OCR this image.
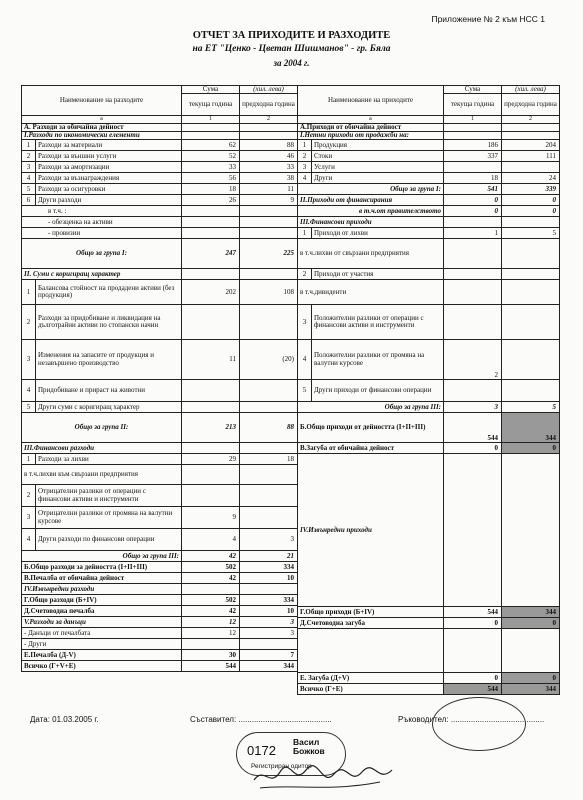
Приложение № 2 към НСС 1
ОТЧЕТ ЗА ПРИХОДИТЕ И РАЗХОДИТЕ
на ЕТ "Ценко - Цветан Шишманов" - гр. Бяла
за 2004 г.
Наименование на разходите		Сума	(хил. лева)
		текуща година	предходна година

а		1	2
А. Разходи за обичайна дейност			
I.Разходи по икономически елементи			
1	Разходи за материали	62	88
2	Разходи за външни услуги	52	46
3	Разходи за амортизации	33	33
4	Разходи за възнаграждения	56	38
5	Разходи за осигуровки	18	11
6	Други разходи	26	9
в т.ч. :			
- обезценка на активи			
- провизии			
Общо за група I:		247	225
II. Суми с коригиращ характер			
1	Балансова стойност на продадени активи (без продукция)	202	108
2	Разходи за придобиване и ликвидация на дълготрайни активи по стопански начин		
3	Изменения на запасите от продукция и незавършено производство	11	(20)
4	Придобиване и прираст на животни		
5	Други суми с коригиращ характер		
Общо за група II:		213	88
III.Финансови разходи			
1	Разходи за лихви	29	18
в т.ч.лихви към свързани предприятия			
2	Отрицателни разлики от операции с финансови активи и инструменти		
3	Отрицателни разлики от промяна на валутни курсове	9	
4	Други разходи по финансови операции	4	3
Общо за група III:		42	21
Б.Общо разходи за дейността (I+II+III)		502	334
В.Печалба от обичайна дейност		42	10
IV.Извънредни разходи			
Г.Общо разходи (Б+IV)		502	334
Д.Счетоводна печалба		42	10
V.Разходи за данъци		12	3
- Данъци от печалбата		12	3
- Други			
Е.Печалба (Д-V)		30	7
Всичко (Г+V+Е)		544	344
Наименование на приходите		Сума	(хил. лева)
		текуща година	предходна година

а		1	2
А.Приходи от обичайна дейност			
I.Нетни приходи от продажби на:			
1	Продукция	186	204
2	Стоки	337	111
3	Услуги		
4	Други	18	24
Общо за група I:		541	339
II.Приходи от финансирания		0	0
в т.ч.от правителството		0	0
III.Финансови приходи			
1	Приходи от лихви	1	5
в т.ч.лихви от свързани предприятия			
2	Приходи от участия		
в т.ч.дивиденти			
3	Положителни разлики от операции с финансови активи и инструменти		
4	Положителни разлики от промяна на валутни курсове	2	
5	Други приходи от финансови операции		
Общо за група III:		3	5
Б.Общо приходи от дейността (I+II+III)		544	344
В.Загуба от обичайна дейност		0	0
IV.Извънредни приходи			
Г.Общо приходи (Б+IV)		544	344
Д.Счетоводна загуба		0	0

Е. Загуба (Д+V)		0	0
Всичко (Г+Е)		544	344
Дата: 01.03.2005 г.	Съставител: ..........................................	Ръководител: ..........................................
0172
Васил Божков
Регистриран одитор
